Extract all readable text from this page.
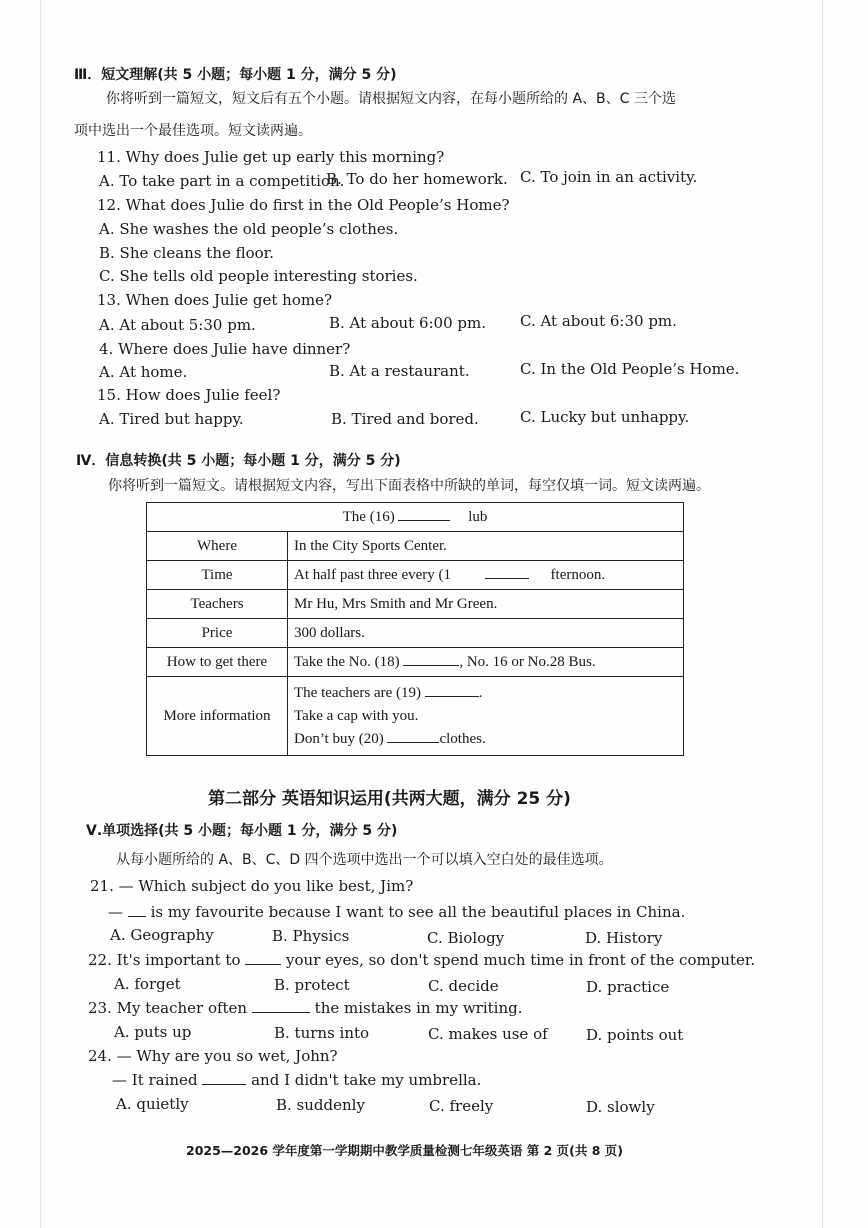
Ⅲ．短文理解(共 5 小题；每小题 1 分，满分 5 分)
你将听到一篇短文，短文后有五个小题。请根据短文内容，在每小题所给的 A、B、C 三个选
项中选出一个最佳选项。短文读两遍。
11. Why does Julie get up early this morning?
A. To take part in a competition.
B. To do her homework. C. To join in an activity.
12. What does Julie do first in the Old People’s Home?
A. She washes the old people’s clothes.
B. She cleans the floor.
C. She tells old people interesting stories.
13. When does Julie get home?
A. At about 5:30 pm.	B. At about 6:00 pm. C. At about 6:30 pm.
4. Where does Julie have dinner?
A. At home.	B. At a restaurant.	C. In the Old People’s Home.
15. How does Julie feel?
A. Tired but happy.	B. Tired and bored.	C. Lucky but unhappy.
Ⅳ．信息转换(共 5 小题；每小题 1 分，满分 5 分)
你将听到一篇短文。请根据短文内容，写出下面表格中所缺的单词，每空仅填一词。短文读两遍。
The (16) lub	
Where	In the City Sports Center.
Time	At half past three every (1 fternoon.
Teachers	Mr Hu, Mrs Smith and Mr Green.
Price	300 dollars.
How to get there	Take the No. (18) , No. 16 or No.28 Bus.
More information	The teachers are (19) .
Take a cap with you.
Don’t buy (20) clothes.
第二部分 英语知识运用(共两大题，满分 25 分)
Ⅴ.单项选择(共 5 小题；每小题 1 分，满分 5 分)
从每小题所给的 A、B、C、D 四个选项中选出一个可以填入空白处的最佳选项。
21. — Which subject do you like best, Jim?
— is my favourite because I want to see all the beautiful places in China.
A. Geography	B. Physics	C. Biology	D. History
22. It's important to	your eyes, so don't spend much time in front of the computer.
A. forget	B. protect	C. decide	D. practice
23. My teacher often	the mistakes in my writing.
A. puts up	B. turns into	C. makes use of	D. points out
24. — Why are you so wet, John?
— It rained	and I didn't take my umbrella.
A. quietly	B. suddenly	C. freely	D. slowly
2025—2026 学年度第一学期期中教学质量检测七年级英语 第 2 页(共 8 页)
